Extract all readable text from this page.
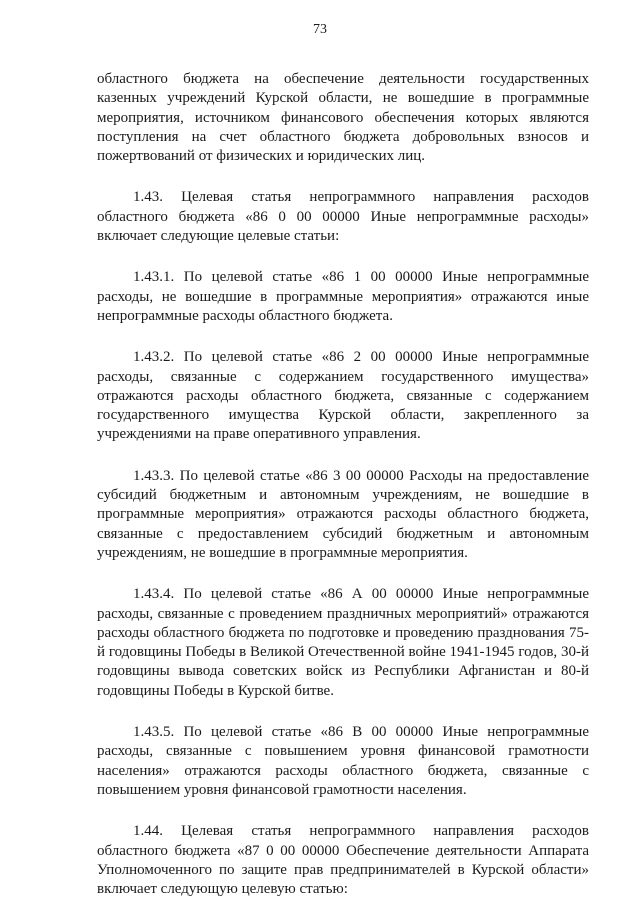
73

областного бюджета на обеспечение деятельности государственных казенных учреждений Курской области, не вошедшие в программные мероприятия, источником финансового обеспечения которых являются поступления на счет областного бюджета добровольных взносов и пожертвований от физических и юридических лиц.

1.43. Целевая статья непрограммного направления расходов областного бюджета «86 0 00 00000 Иные непрограммные расходы» включает следующие целевые статьи:

1.43.1. По целевой статье «86 1 00 00000 Иные непрограммные расходы, не вошедшие в программные мероприятия» отражаются иные непрограммные расходы областного бюджета.

1.43.2. По целевой статье «86 2 00 00000 Иные непрограммные расходы, связанные с содержанием государственного имущества» отражаются расходы областного бюджета, связанные с содержанием государственного имущества Курской области, закрепленного за учреждениями на праве оперативного управления.

1.43.3. По целевой статье «86 3 00 00000 Расходы на предоставление субсидий бюджетным и автономным учреждениям, не вошедшие в программные мероприятия» отражаются расходы областного бюджета, связанные с предоставлением субсидий бюджетным и автономным учреждениям, не вошедшие в программные мероприятия.

1.43.4. По целевой статье «86 А 00 00000 Иные непрограммные расходы, связанные с проведением праздничных мероприятий» отражаются расходы областного бюджета по подготовке и проведению празднования 75-й годовщины Победы в Великой Отечественной войне 1941-1945 годов, 30-й годовщины вывода советских войск из Республики Афганистан и 80-й годовщины Победы в Курской битве.

1.43.5. По целевой статье «86 В 00 00000 Иные непрограммные расходы, связанные с повышением уровня финансовой грамотности населения» отражаются расходы областного бюджета, связанные с повышением уровня финансовой грамотности населения.

1.44. Целевая статья непрограммного направления расходов областного бюджета «87 0 00 00000 Обеспечение деятельности Аппарата Уполномоченного по защите прав предпринимателей в Курской области» включает следующую целевую статью:
